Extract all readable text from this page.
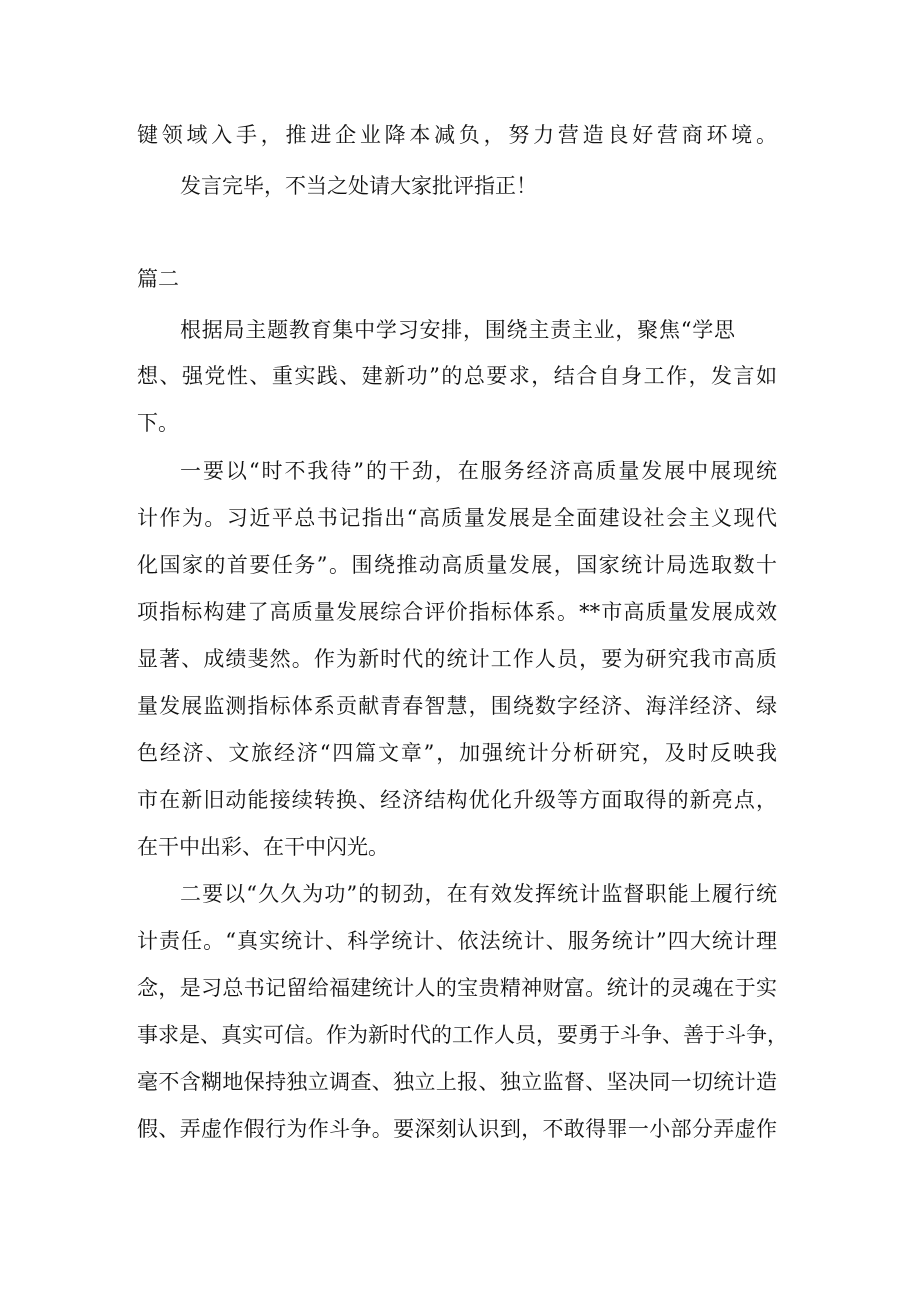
键领域入手，推进企业降本减负，努力营造良好营商环境。
发言完毕，不当之处请大家批评指正！
篇二
根据局主题教育集中学习安排，围绕主责主业，聚焦“学思
想、强党性、重实践、建新功”的总要求，结合自身工作，发言如
下。
一要以“时不我待”的干劲，在服务经济高质量发展中展现统
计作为。习近平总书记指出“高质量发展是全面建设社会主义现代
化国家的首要任务”。围绕推动高质量发展，国家统计局选取数十
项指标构建了高质量发展综合评价指标体系。**市高质量发展成效
显著、成绩斐然。作为新时代的统计工作人员，要为研究我市高质
量发展监测指标体系贡献青春智慧，围绕数字经济、海洋经济、绿
色经济、文旅经济“四篇文章”，加强统计分析研究，及时反映我
市在新旧动能接续转换、经济结构优化升级等方面取得的新亮点，
在干中出彩、在干中闪光。
二要以“久久为功”的韧劲，在有效发挥统计监督职能上履行统
计责任。“真实统计、科学统计、依法统计、服务统计”四大统计理
念，是习总书记留给福建统计人的宝贵精神财富。统计的灵魂在于实
事求是、真实可信。作为新时代的工作人员，要勇于斗争、善于斗争，
毫不含糊地保持独立调查、独立上报、独立监督、坚决同一切统计造
假、弄虚作假行为作斗争。要深刻认识到，不敢得罪一小部分弄虚作
